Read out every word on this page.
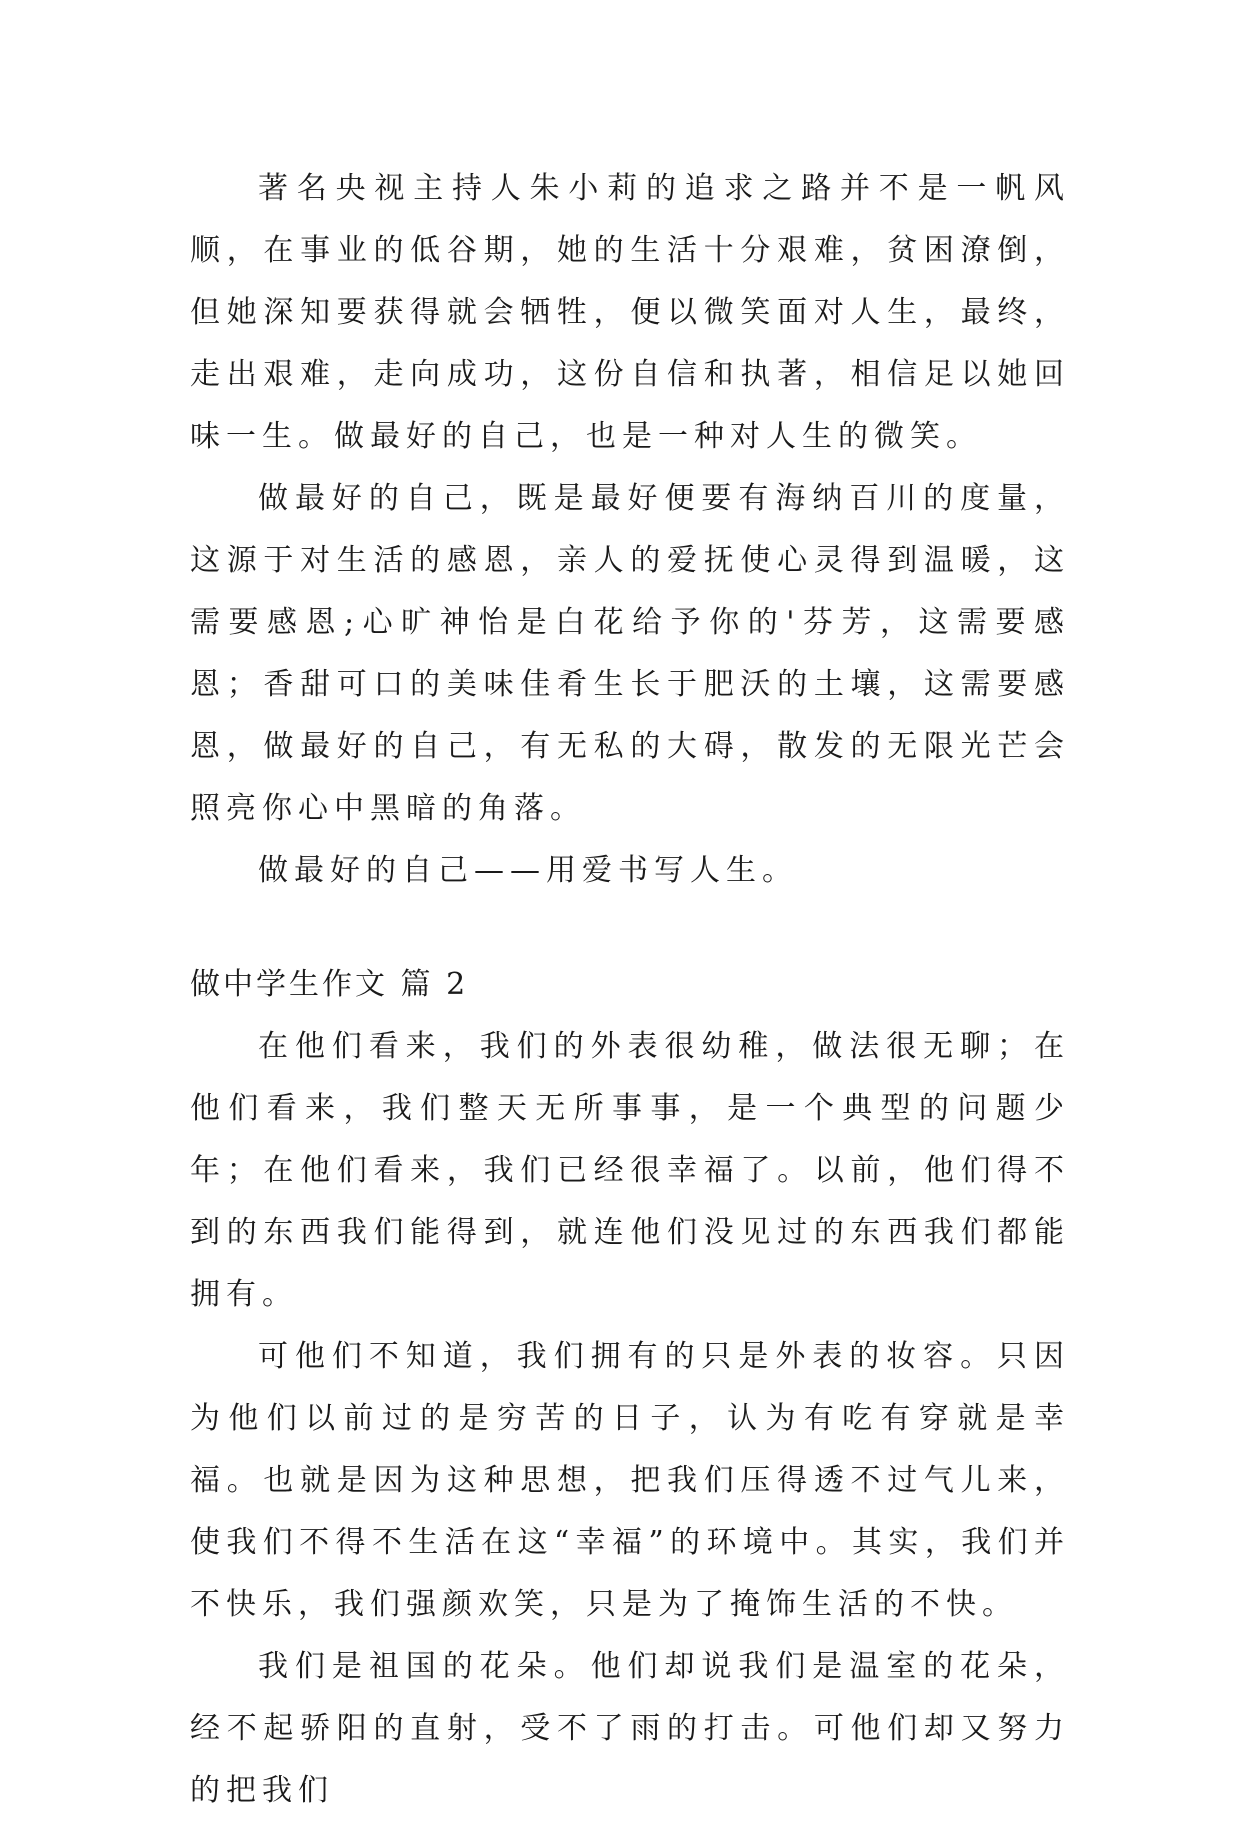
著名央视主持人朱小莉的追求之路并不是一帆风顺，在事业的低谷期，她的生活十分艰难，贫困潦倒，但她深知要获得就会牺牲，便以微笑面对人生，最终，走出艰难，走向成功，这份自信和执著，相信足以她回味一生。做最好的自己，也是一种对人生的微笑。

做最好的自己，既是最好便要有海纳百川的度量，这源于对生活的感恩，亲人的爱抚使心灵得到温暖，这需要感恩;心旷神怡是白花给予你的'芬芳，这需要感恩；香甜可口的美味佳肴生长于肥沃的土壤，这需要感恩，做最好的自己，有无私的大碍，散发的无限光芒会照亮你心中黑暗的角落。

做最好的自己——用爱书写人生。

做中学生作文 篇 2

在他们看来，我们的外表很幼稚，做法很无聊；在他们看来，我们整天无所事事，是一个典型的问题少年；在他们看来，我们已经很幸福了。以前，他们得不到的东西我们能得到，就连他们没见过的东西我们都能拥有。

可他们不知道，我们拥有的只是外表的妆容。只因为他们以前过的是穷苦的日子，认为有吃有穿就是幸福。也就是因为这种思想，把我们压得透不过气儿来，使我们不得不生活在这“幸福”的环境中。其实，我们并不快乐，我们强颜欢笑，只是为了掩饰生活的不快。

我们是祖国的花朵。他们却说我们是温室的花朵，经不起骄阳的直射，受不了雨的打击。可他们却又努力的把我们
